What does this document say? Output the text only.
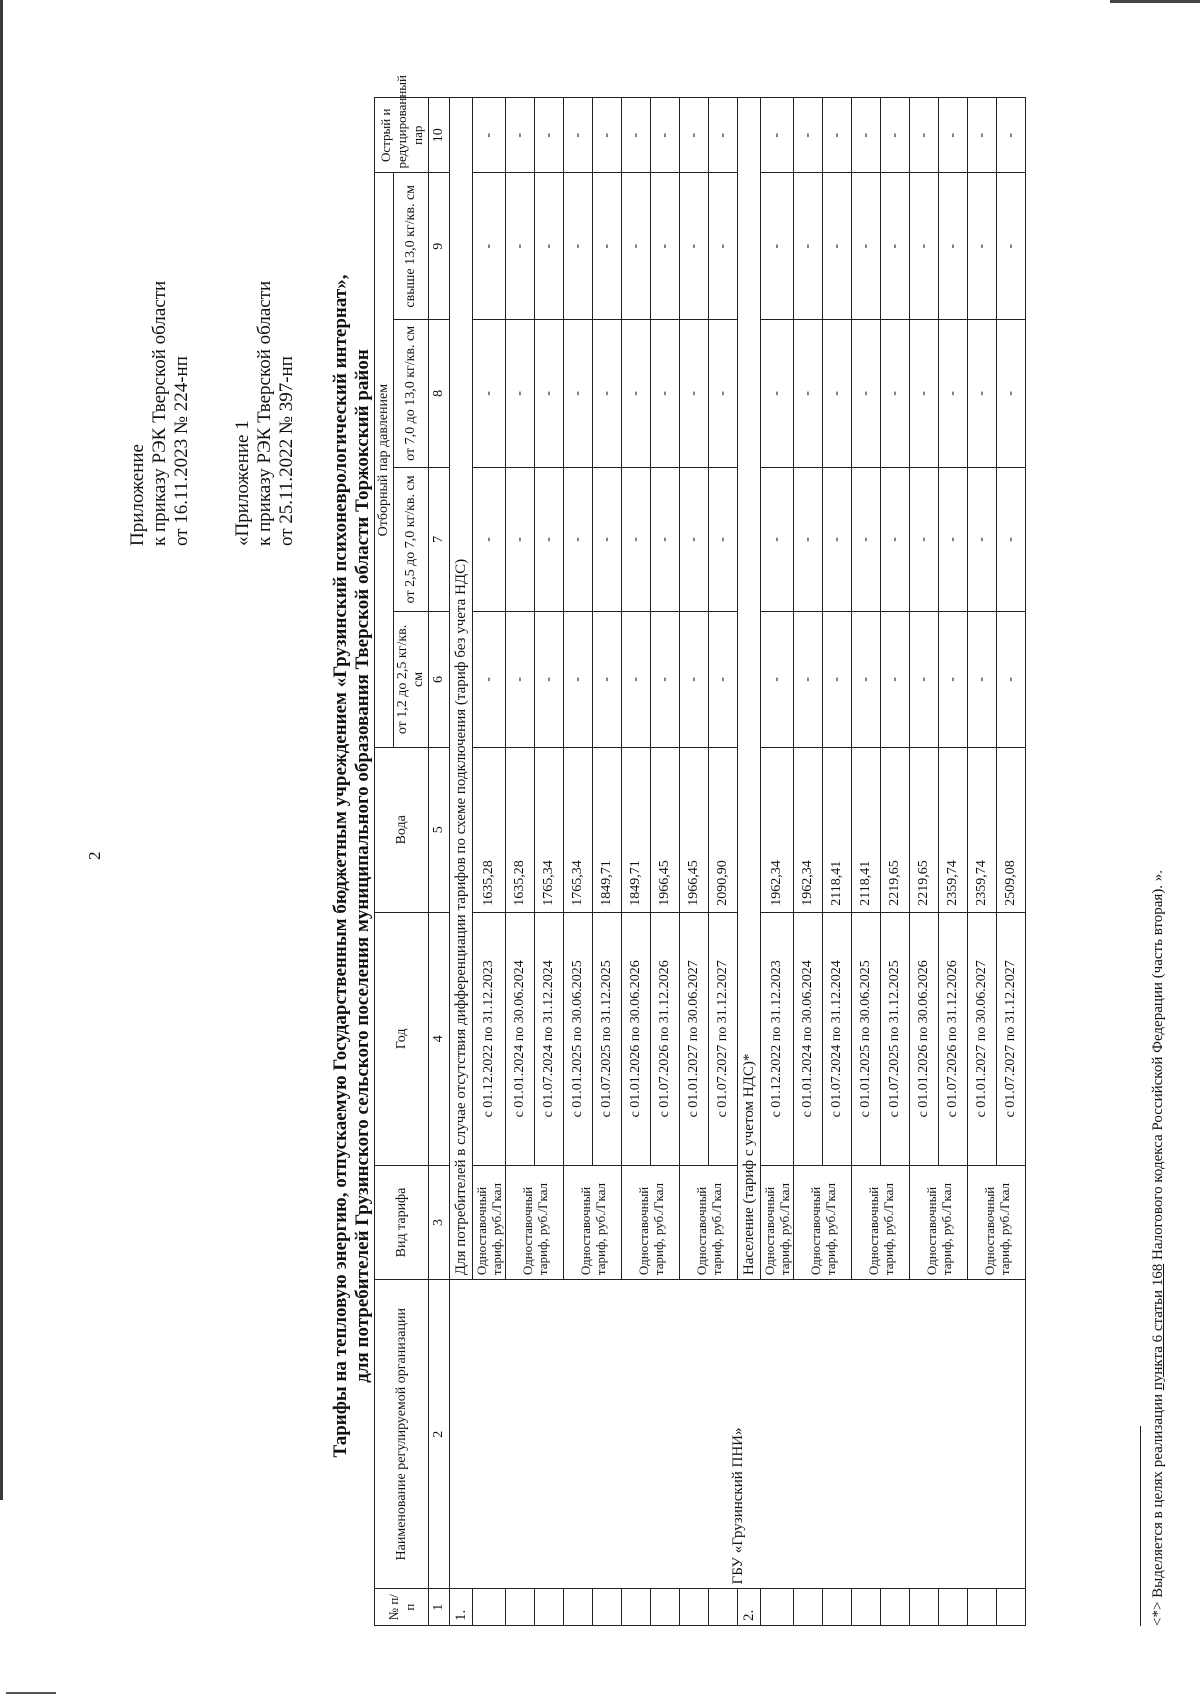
2
Приложение к приказу РЭК Тверской области от 16.11.2023 № 224-нп «Приложение 1 к приказу РЭК Тверской области от 25.11.2022 № 397-нп Тарифы на тепловую энергию, отпускаемую Государственным бюджетным учреждением «Грузинский психоневрологический интернат», для потребителей Грузинского сельского поселения муниципального образования Тверской области Торжокский район
№ п/п	Наименование регулируемой организации	Вид тарифа	Год	Вода	Отборный пар давлением				Острый и редуцированный пар
					от 1,2 до 2,5 кг/кв. см	от 2,5 до 7,0 кг/кв. см	от 7,0 до 13,0 кг/кв. см	свыше 13,0 кг/кв. см	
1	2	3	4	5	6	7	8	9	10
1.	ГБУ «Грузинский ПНИ»	Для потребителей в случае отсутствия дифференциации тарифов по схеме подключения (тариф без учета НДС)							
		Одноставочный тариф, руб./Гкал	с 01.12.2022 по 31.12.2023	1635,28	-	-	-	-	-
		Одноставочный тариф, руб./Гкал	с 01.01.2024 по 30.06.2024	1635,28	-	-	-	-	-
			с 01.07.2024 по 31.12.2024	1765,34	-	-	-	-	-
		Одноставочный тариф, руб./Гкал	с 01.01.2025 по 30.06.2025	1765,34	-	-	-	-	-
			с 01.07.2025 по 31.12.2025	1849,71	-	-	-	-	-
		Одноставочный тариф, руб./Гкал	с 01.01.2026 по 30.06.2026	1849,71	-	-	-	-	-
			с 01.07.2026 по 31.12.2026	1966,45	-	-	-	-	-
		Одноставочный тариф, руб./Гкал	с 01.01.2027 по 30.06.2027	1966,45	-	-	-	-	-
			с 01.07.2027 по 31.12.2027	2090,90	-	-	-	-	-
2.		Население (тариф с учетом НДС)*							
		Одноставочный тариф, руб./Гкал	с 01.12.2022 по 31.12.2023	1962,34	-	-	-	-	-
		Одноставочный тариф, руб./Гкал	с 01.01.2024 по 30.06.2024	1962,34	-	-	-	-	-
			с 01.07.2024 по 31.12.2024	2118,41	-	-	-	-	-
		Одноставочный тариф, руб./Гкал	с 01.01.2025 по 30.06.2025	2118,41	-	-	-	-	-
			с 01.07.2025 по 31.12.2025	2219,65	-	-	-	-	-
		Одноставочный тариф, руб./Гкал	с 01.01.2026 по 30.06.2026	2219,65	-	-	-	-	-
			с 01.07.2026 по 31.12.2026	2359,74	-	-	-	-	-
		Одноставочный тариф, руб./Гкал	с 01.01.2027 по 30.06.2027	2359,74	-	-	-	-	-
			с 01.07.2027 по 31.12.2027	2509,08	-	-	-	-	-
<*> Выделяется в целях реализации пункта 6 статьи 168 Налогового кодекса Российской Федерации (часть вторая). ».
